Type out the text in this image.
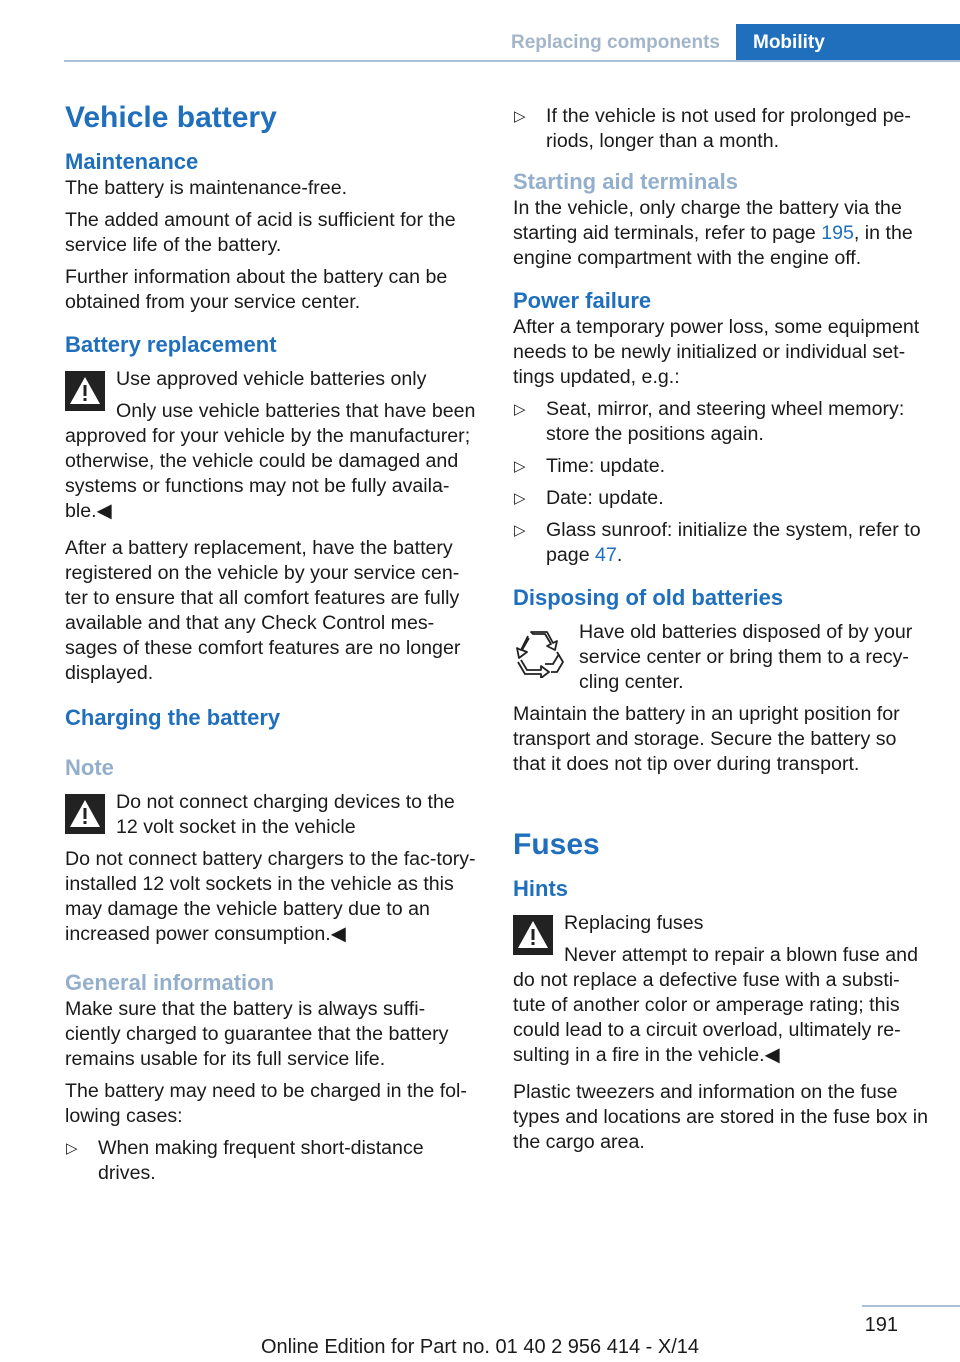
Replacing components	Mobility
Vehicle battery
Maintenance

The battery is maintenance-free.

The added amount of acid is sufficient for the service life of the battery.

Further information about the battery can be obtained from your service center.

Battery replacement
Use approved vehicle batteries only
Only use vehicle batteries that have been
approved for your vehicle by the manufacturer; otherwise, the vehicle could be damaged and systems or functions may not be fully availa-ble.◀

After a battery replacement, have the battery registered on the vehicle by your service cen-ter to ensure that all comfort features are fully available and that any Check Control mes-sages of these comfort features are no longer displayed.

Charging the battery
Note
Do not connect charging devices to the 12 volt socket in the vehicle
Do not connect battery chargers to the fac-tory-installed 12 volt sockets in the vehicle as this may damage the vehicle battery due to an increased power consumption.◀
General information

Make sure that the battery is always suffi-ciently charged to guarantee that the battery remains usable for its full service life.

The battery may need to be charged in the fol-lowing cases:

▷ When making frequent short-distance drives.
▷ If the vehicle is not used for prolonged pe-riods, longer than a month.
Starting aid terminals

In the vehicle, only charge the battery via the starting aid terminals, refer to page 195, in the engine compartment with the engine off.

Power failure

After a temporary power loss, some equipment needs to be newly initialized or individual set-tings updated, e.g.:

▷ Seat, mirror, and steering wheel memory: store the positions again.
▷ Time: update.
▷ Date: update.
▷ Glass sunroof: initialize the system, refer to page 47.
Disposing of old batteries
Have old batteries disposed of by your service center or bring them to a recy-cling center.

Maintain the battery in an upright position for transport and storage. Secure the battery so that it does not tip over during transport.

Fuses
Hints
Replacing fuses
Never attempt to repair a blown fuse and
do not replace a defective fuse with a substi-tute of another color or amperage rating; this could lead to a circuit overload, ultimately re-sulting in a fire in the vehicle.◀

Plastic tweezers and information on the fuse types and locations are stored in the fuse box in the cargo area.

191
Online Edition for Part no. 01 40 2 956 414 - X/14
